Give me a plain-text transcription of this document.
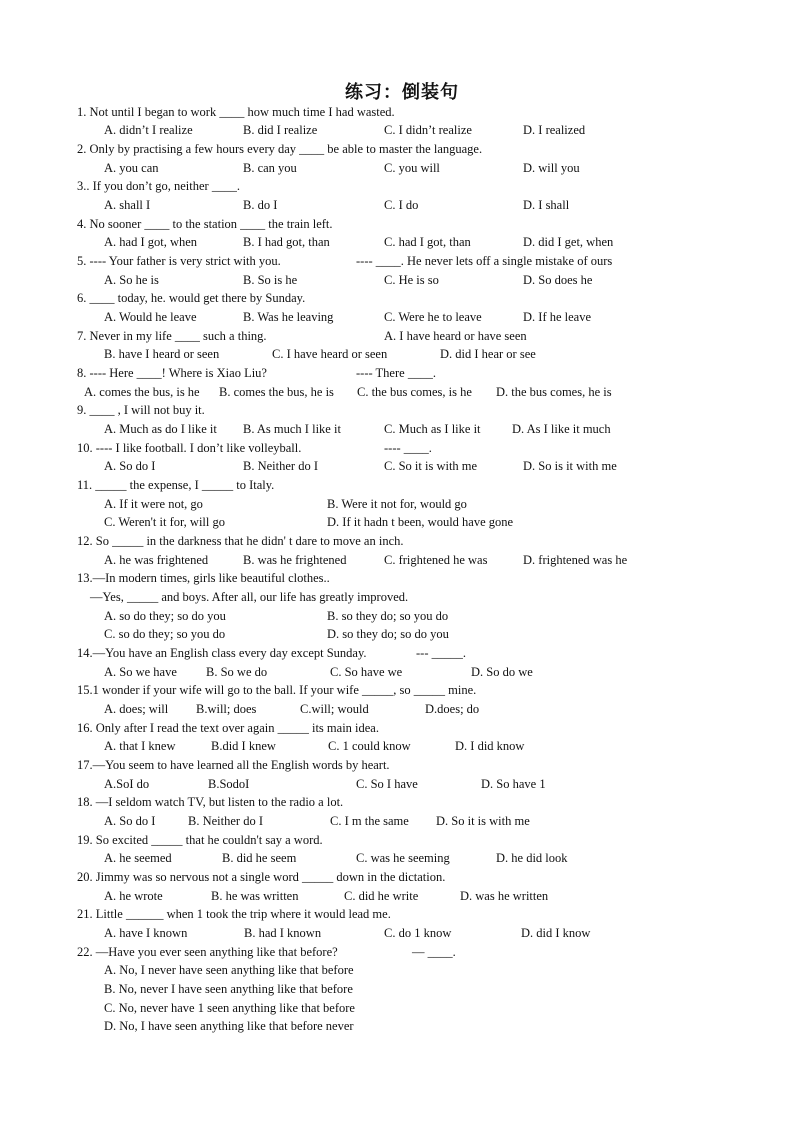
练习：倒装句
1. Not until I began to work ____ how much time I had wasted.
A. didn’t I realize	B. did I realize	C. I didn’t realize	D. I realized
2. Only by practising a few hours every day ____ be able to master the language.
A. you can	B. can you	C. you will	D. will you
3.. If you don’t go, neither ____.
A. shall I	B. do I	C. I do	D. I shall
4. No sooner ____ to the station ____ the train left.
A. had I got, when	B. I had got, than	C. had I got, than	D. did I get, when
5. ---- Your father is very strict with you.	---- ____. He never lets off a single mistake of ours
A. So he is	B. So is he	C. He is so	D. So does he
6. ____ today, he. would get there by Sunday.
A. Would he leave	B. Was he leaving	C. Were he to leave	D. If he leave
7. Never in my life ____ such a thing.	A. I have heard or have seen
B. have I heard or seen	C. I have heard or seen	D. did I hear or see
8. ---- Here ____! Where is Xiao Liu?	---- There ____.
A. comes the bus, is he B. comes the bus, he is C. the bus comes, is he D. the bus comes, he is
9. ____ , I will not buy it.
A. Much as do I like it B. As much I like it	C. Much as I like it	D. As I like it much
10. ---- I like football. I don’t like volleyball.	---- ____.
A. So do I	B. Neither do I	C. So it is with me	D. So is it with me
11. _____ the expense, I _____ to Italy.
A. If it were not, go	B. Were it not for, would go
C. Weren't it for, will go	D. If it hadn t been, would have gone
12. So _____ in the darkness that he didn' t dare to move an inch.
A. he was frightened	B. was he frightened	C. frightened he was	D. frightened was he
13.—In modern times, girls like beautiful clothes..
—Yes, _____ and boys. After all, our life has greatly improved.
A. so do they; so do you	B. so they do; so you do
C. so do they; so you do	D. so they do; so do you
14.—You have an English class every day except Sunday.	--- _____.
A. So we have B. So we do	C. So have we	D. So do we
15.1 wonder if your wife will go to the ball. If your wife _____, so _____ mine.
A. does; will B.will; does	C.will; would	D.does; do
16. Only after I read the text over again _____ its main idea.
A. that I knew	B.did I knew	C. 1 could know	D. I did know
17.—You seem to have learned all the English words by heart.
A.SoI do	B.SodoI	C. So I have	D. So have 1
18. —I seldom watch TV, but listen to the radio a lot.
A. So do I	B. Neither do I	C. I m the same D. So it is with me
19. So excited _____ that he couldn't say a word.
A. he seemed	B. did he seem	C. was he seeming	D. he did look
20. Jimmy was so nervous not a single word _____ down in the dictation.
A. he wrote	B. he was written	C. did he write	D. was he written
21. Little ______ when 1 took the trip where it would lead me.
A. have I known	B. had I known	C. do 1 know	D. did I know
22. —Have you ever seen anything like that before?	— ____.
A. No, I never have seen anything like that before
B. No, never I have seen anything like that before
C. No, never have 1 seen anything like that before
D. No, I have seen anything like that before never
